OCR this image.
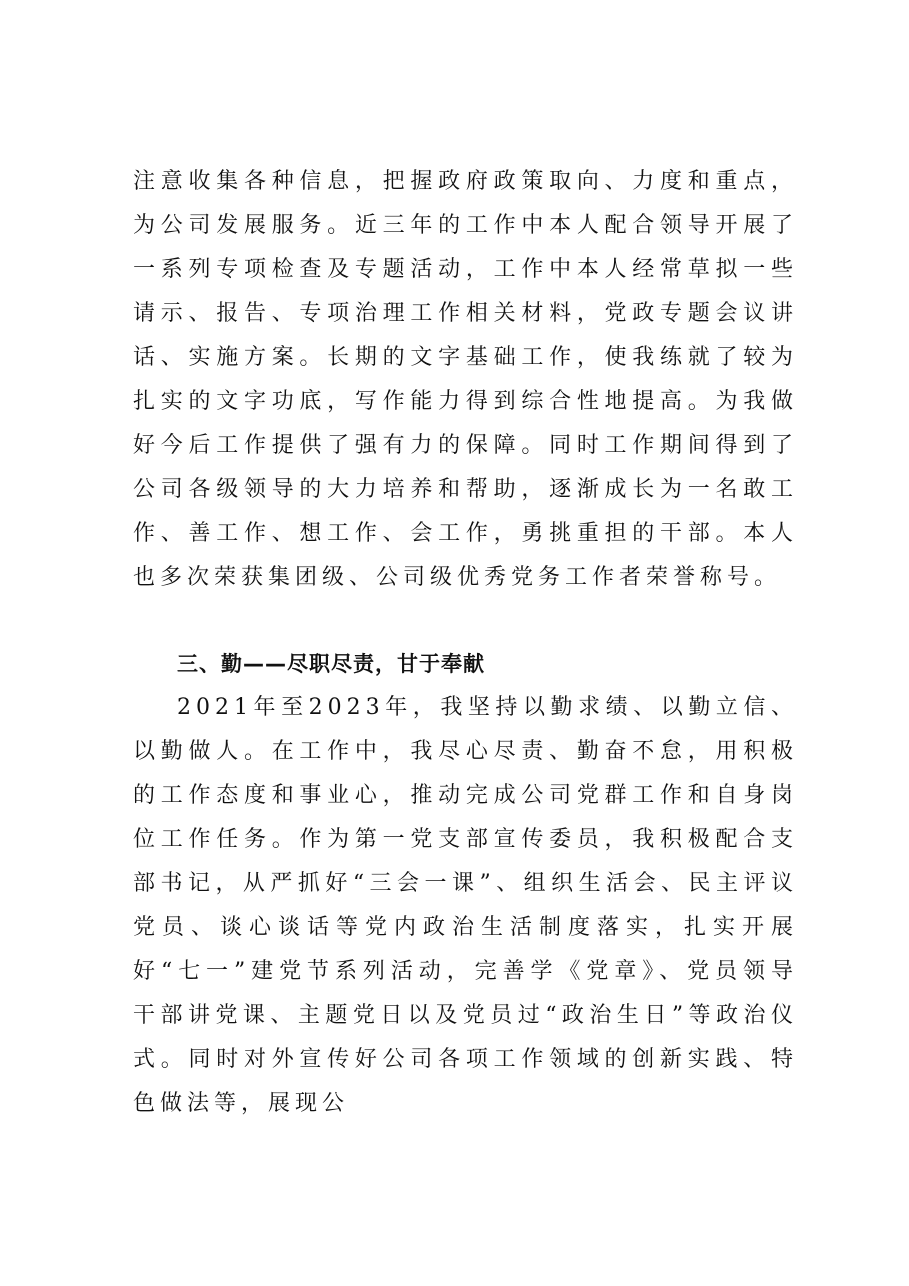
注意收集各种信息，把握政府政策取向、力度和重点，为公司发展服务。近三年的工作中本人配合领导开展了一系列专项检查及专题活动，工作中本人经常草拟一些请示、报告、专项治理工作相关材料，党政专题会议讲话、实施方案。长期的文字基础工作，使我练就了较为扎实的文字功底，写作能力得到综合性地提高。为我做好今后工作提供了强有力的保障。同时工作期间得到了公司各级领导的大力培养和帮助，逐渐成长为一名敢工作、善工作、想工作、会工作，勇挑重担的干部。本人也多次荣获集团级、公司级优秀党务工作者荣誉称号。

三、勤——尽职尽责，甘于奉献

2021年至2023年，我坚持以勤求绩、以勤立信、以勤做人。在工作中，我尽心尽责、勤奋不怠，用积极的工作态度和事业心，推动完成公司党群工作和自身岗位工作任务。作为第一党支部宣传委员，我积极配合支部书记，从严抓好“三会一课”、组织生活会、民主评议党员、谈心谈话等党内政治生活制度落实，扎实开展好“七一”建党节系列活动，完善学《党章》、党员领导干部讲党课、主题党日以及党员过“政治生日”等政治仪式。同时对外宣传好公司各项工作领域的创新实践、特色做法等，展现公
